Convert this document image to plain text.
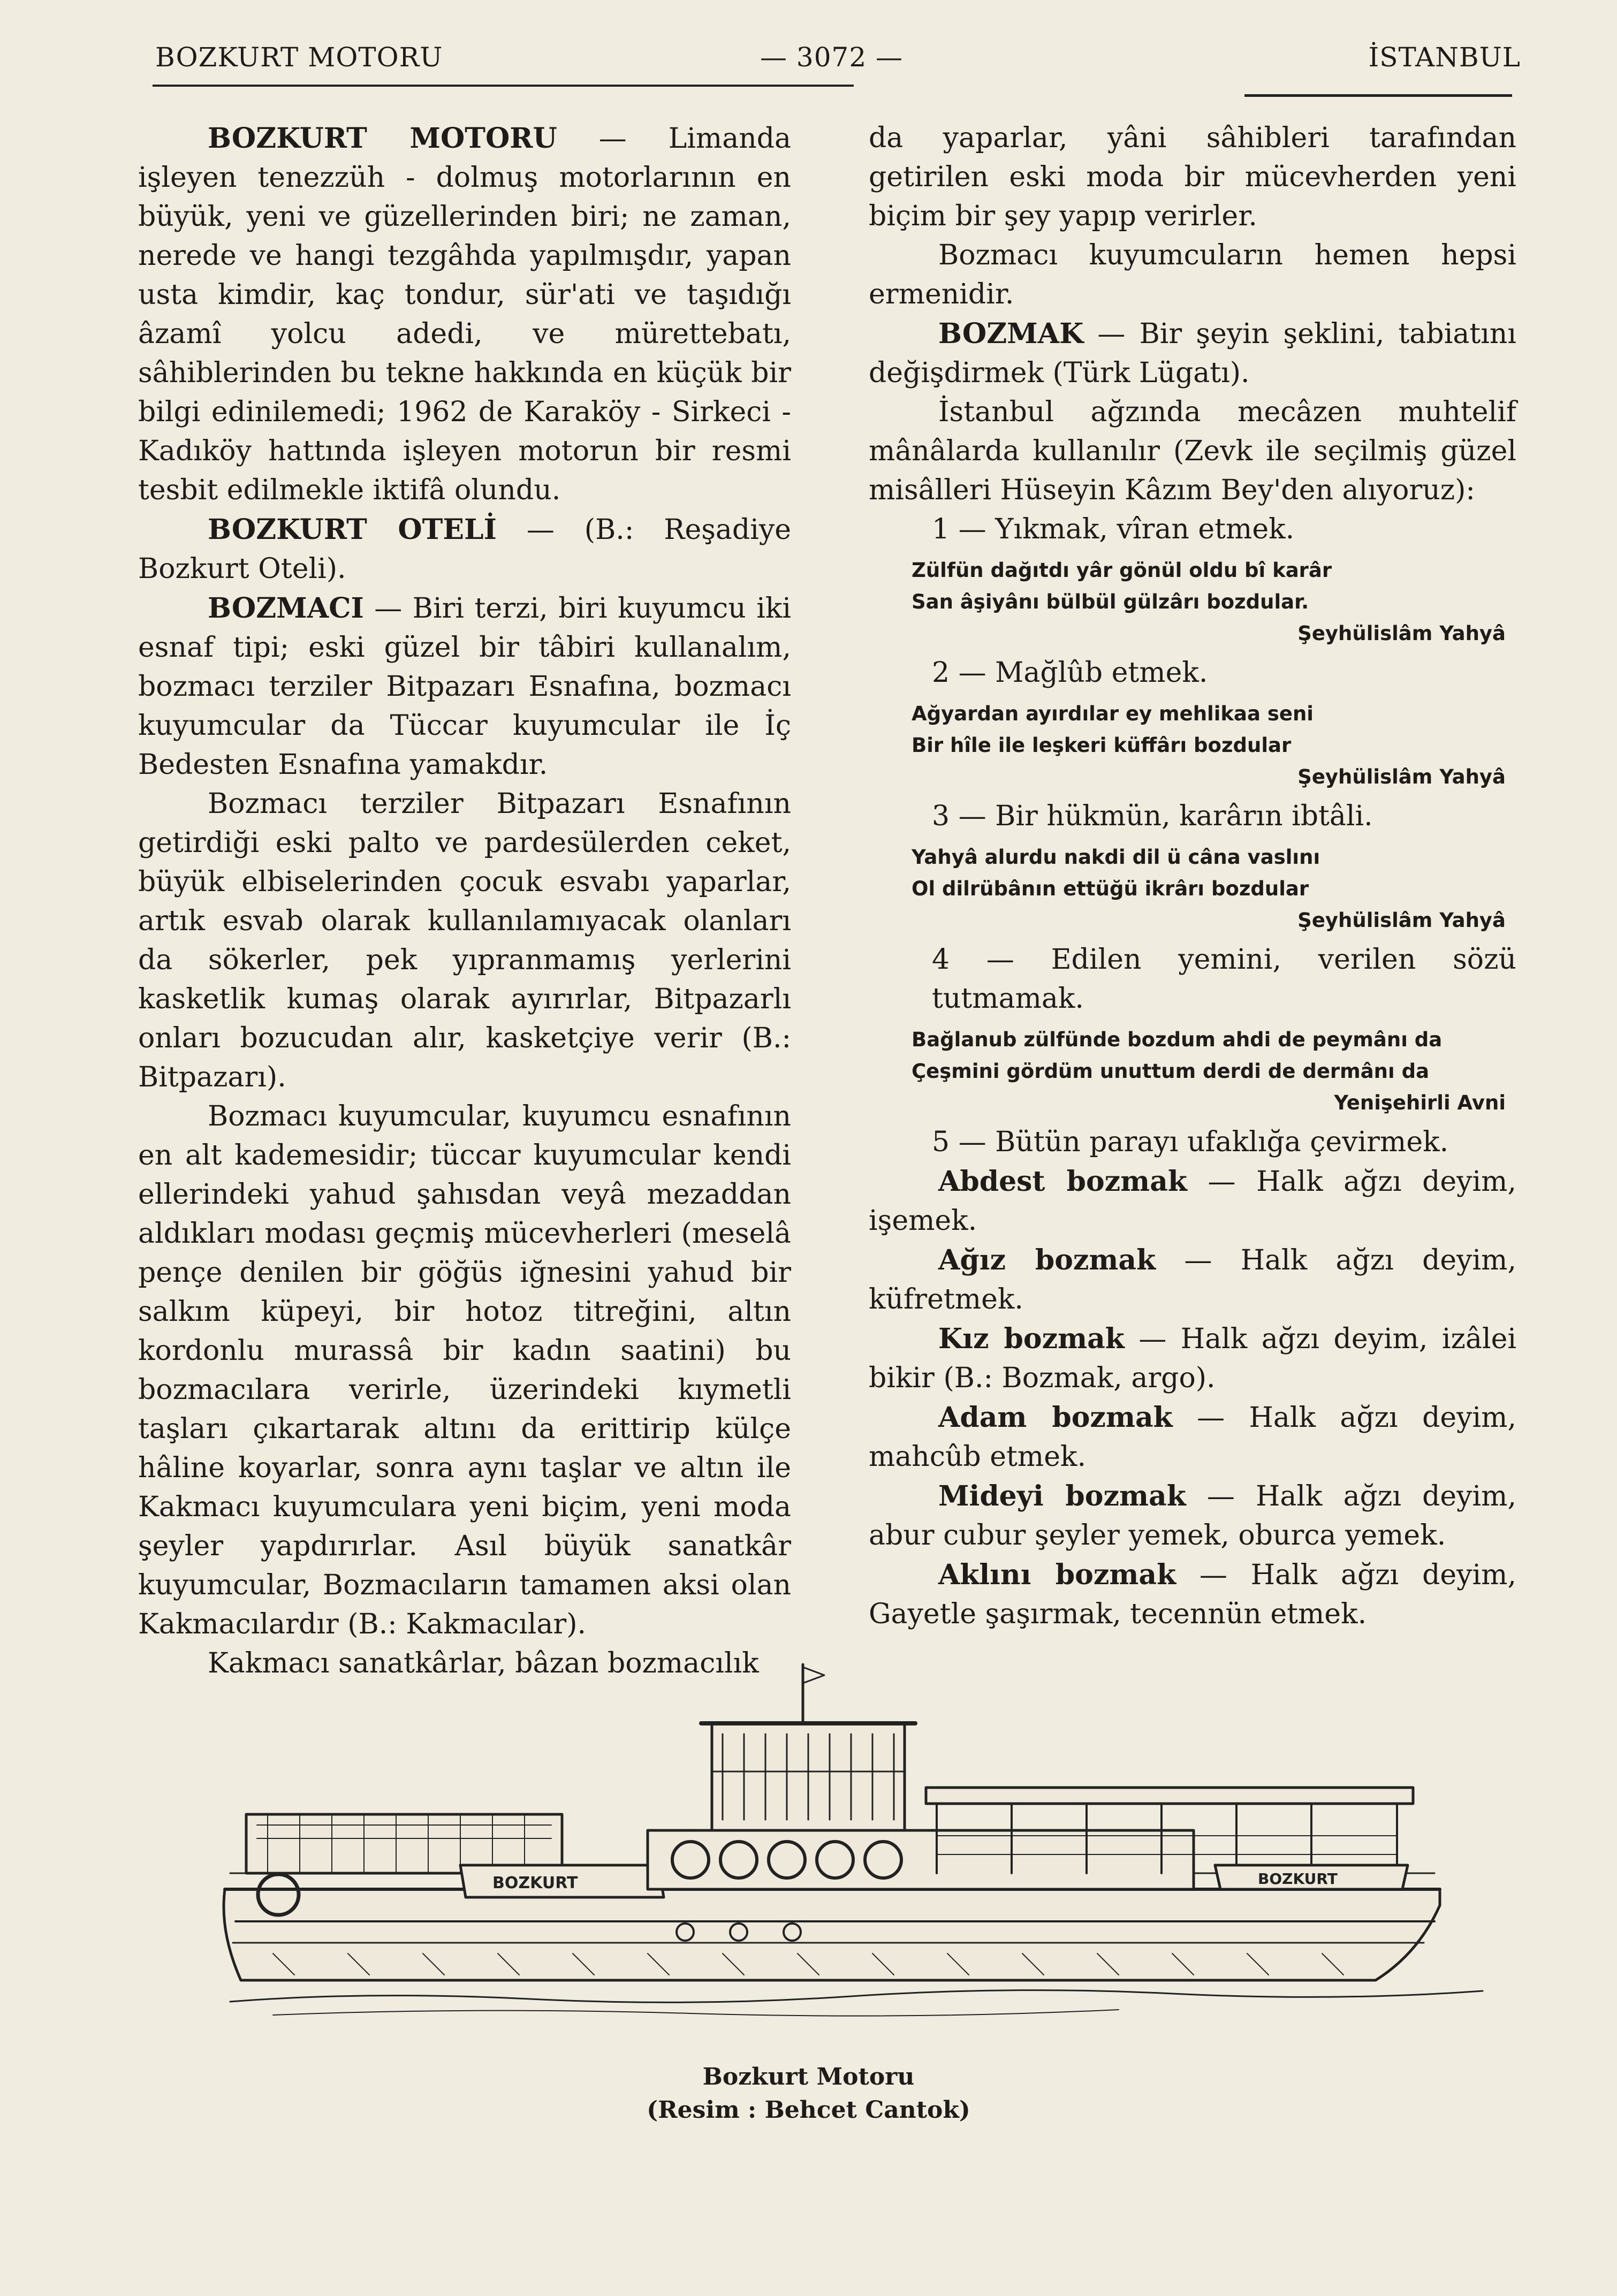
BOZKURT MOTORU	— 3072 —	İSTANBUL

BOZKURT MOTORU — Limanda işleyen tenezzüh - dolmuş motorlarının en büyük, yeni ve güzellerinden biri; ne zaman, nerede ve hangi tezgâhda yapılmışdır, yapan usta kimdir, kaç tondur, sür'ati ve taşıdığı âzamî yolcu adedi, ve mürettebatı, sâhiblerinden bu tekne hakkında en küçük bir bilgi edinilemedi; 1962 de Karaköy - Sirkeci - Kadıköy hattında işleyen motorun bir resmi tesbit edilmekle iktifâ olundu.

BOZKURT OTELİ — (B.: Reşadiye Bozkurt Oteli).

BOZMACI — Biri terzi, biri kuyumcu iki esnaf tipi; eski güzel bir tâbiri kullanalım, bozmacı terziler Bitpazarı Esnafına, bozmacı kuyumcular da Tüccar kuyumcular ile İç Bedesten Esnafına yamakdır.

Bozmacı terziler Bitpazarı Esnafının getirdiği eski palto ve pardesülerden ceket, büyük elbiselerinden çocuk esvabı yaparlar, artık esvab olarak kullanılamıyacak olanları da sökerler, pek yıpranmamış yerlerini kasketlik kumaş olarak ayırırlar, Bitpazarlı onları bozucudan alır, kasketçiye verir (B.: Bitpazarı).

Bozmacı kuyumcular, kuyumcu esnafının en alt kademesidir; tüccar kuyumcular kendi ellerindeki yahud şahısdan veyâ mezaddan aldıkları modası geçmiş mücevherleri (meselâ pençe denilen bir göğüs iğnesini yahud bir salkım küpeyi, bir hotoz titreğini, altın kordonlu murassâ bir kadın saatini) bu bozmacılara verirle, üzerindeki kıymetli taşları çıkartarak altını da erittirip külçe hâline koyarlar, sonra aynı taşlar ve altın ile Kakmacı kuyumculara yeni biçim, yeni moda şeyler yapdırırlar. Asıl büyük sanatkâr kuyumcular, Bozmacıların tamamen aksi olan Kakmacılardır (B.: Kakmacılar).

Kakmacı sanatkârlar, bâzan bozmacılık

da yaparlar, yâni sâhibleri tarafından getirilen eski moda bir mücevherden yeni biçim bir şey yapıp verirler.

Bozmacı kuyumcuların hemen hepsi ermenidir.

BOZMAK — Bir şeyin şeklini, tabiatını değişdirmek (Türk Lügatı).

İstanbul ağzında mecâzen muhtelif mânâlarda kullanılır (Zevk ile seçilmiş güzel misâlleri Hüseyin Kâzım Bey'den alıyoruz):

1 — Yıkmak, vîran etmek.

Zülfün dağıtdı yâr gönül oldu bî karâr
San âşiyânı bülbül gülzârı bozdular.
Şeyhülislâm Yahyâ

2 — Mağlûb etmek.

Ağyardan ayırdılar ey mehlikaa seni
Bir hîle ile leşkeri küffârı bozdular
Şeyhülislâm Yahyâ

3 — Bir hükmün, karârın ibtâli.

Yahyâ alurdu nakdi dil ü câna vaslını
Ol dilrübânın ettüğü ikrârı bozdular
Şeyhülislâm Yahyâ

4 — Edilen yemini, verilen sözü tutmamak.

Bağlanub zülfünde bozdum ahdi de peymânı da
Çeşmini gördüm unuttum derdi de dermânı da
Yenişehirli Avni

5 — Bütün parayı ufaklığa çevirmek.

Abdest bozmak — Halk ağzı deyim, işemek.

Ağız bozmak — Halk ağzı deyim, küfretmek.

Kız bozmak — Halk ağzı deyim, izâlei bikir (B.: Bozmak, argo).

Adam bozmak — Halk ağzı deyim, mahcûb etmek.

Mideyi bozmak — Halk ağzı deyim, abur cubur şeyler yemek, oburca yemek.

Aklını bozmak — Halk ağzı deyim, Gayetle şaşırmak, tecennün etmek.

BOZKURT	BOZKURT
Bozkurt Motoru
(Resim : Behcet Cantok)
